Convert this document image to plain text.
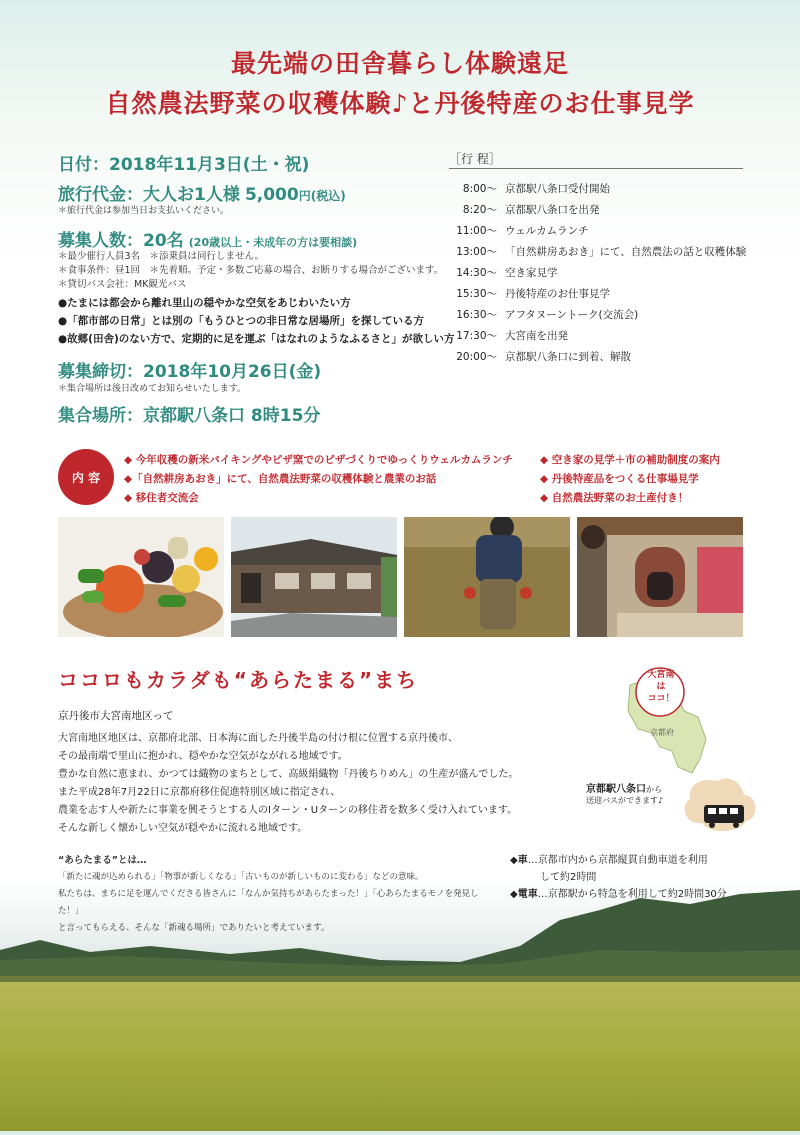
最先端の田舎暮らし体験遠足
自然農法野菜の収穫体験♪と丹後特産のお仕事見学
日付：2018年11月3日(土・祝)
旅行代金：大人お1人様 5,000円(税込)
＊旅行代金は参加当日お支払いください。
募集人数：20名 (20歳以上・未成年の方は要相談)
＊最少催行人員3名　＊添乗員は同行しません。
＊食事条件：昼1回　＊先着順。予定・多数ご応募の場合、お断りする場合がございます。
＊貸切バス会社：MK観光バス
●たまには都会から離れ里山の穏やかな空気をあじわいたい方
●「都市部の日常」とは別の「もうひとつの非日常な居場所」を探している方
●故郷(田舎)のない方で、定期的に足を運ぶ「はなれのようなふるさと」が欲しい方
募集締切：2018年10月26日(金)
＊集合場所は後日改めてお知らせいたします。
集合場所：京都駅八条口 8時15分
［行 程］
8:00〜 京都駅八条口受付開始
8:20〜 京都駅八条口を出発
11:00〜 ウェルカムランチ
13:00〜 「自然耕房あおき」にて、自然農法の話と収穫体験
14:30〜 空き家見学
15:30〜 丹後特産のお仕事見学
16:30〜 アフタヌーントーク(交流会)
17:30〜 大宮南を出発
20:00〜 京都駅八条口に到着、解散
内 容
◆ 今年収穫の新米バイキングやピザ窯でのピザづくりでゆっくりウェルカムランチ
◆「自然耕房あおき」にて、自然農法野菜の収穫体験と農業のお話
◆ 移住者交流会
◆ 空き家の見学＋市の補助制度の案内
◆ 丹後特産品をつくる仕事場見学
◆ 自然農法野菜のお土産付き！
ココロもカラダも“あらたまる”まち
京丹後市大宮南地区って
大宮南地区地区は、京都府北部、日本海に面した丹後半島の付け根に位置する京丹後市、
その最南端で里山に抱かれ、穏やかな空気がながれる地域です。
豊かな自然に恵まれ、かつては織物のまちとして、高級絹織物「丹後ちりめん」の生産が盛んでした。
また平成28年7月22日に京都府移住促進特別区域に指定され、
農業を志す人や新たに事業を興そうとする人のIターン・Uターンの移住者を数多く受け入れています。
そんな新しく懐かしい空気が穏やかに流れる地域です。
“あらたまる”とは…
「新たに魂が込められる」「物事が新しくなる」「古いものが新しいものに変わる」などの意味。
私たちは、まちに足を運んでくださる皆さんに「なんか気持ちがあらたまった！」「心あらたまるモノを発見した！」
と言ってもらえる、そんな「新魂る場所」でありたいと考えています。
大宮南は
ココ！
京都府
京都駅八条口から
送迎バスができます♪
◆車…京都市内から京都縦貫自動車道を利用
して約2時間
◆電車…京都駅から特急を利用して約2時間30分
